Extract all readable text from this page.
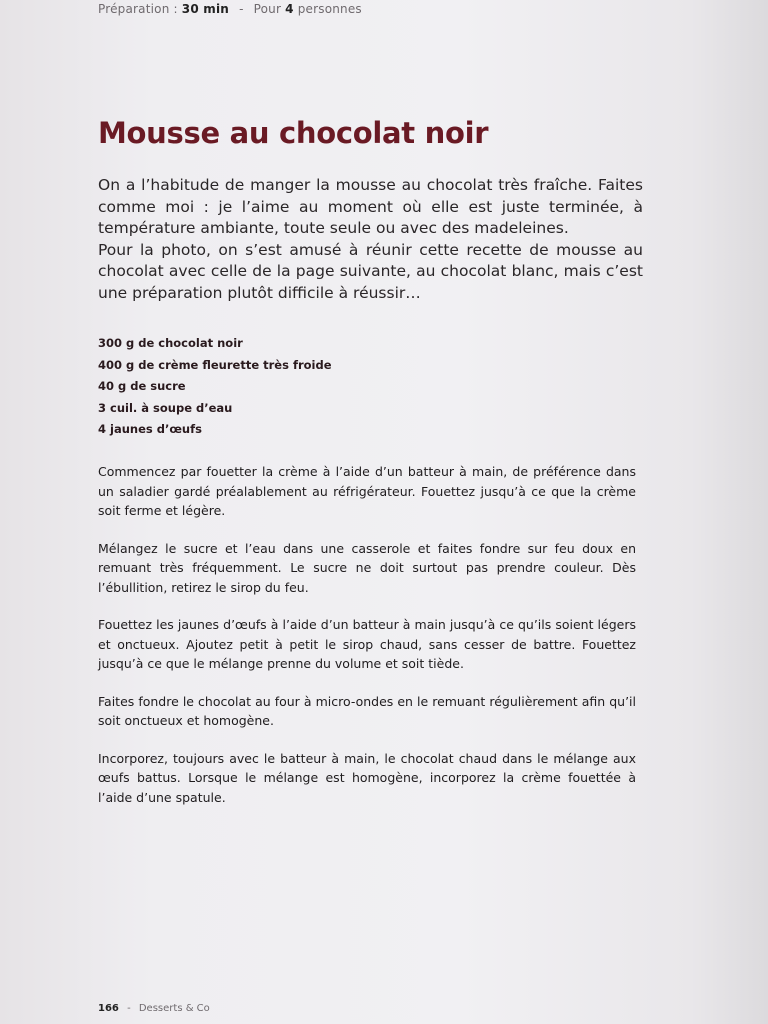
Préparation : 30 min - Pour 4 personnes
Mousse au chocolat noir

On a l’habitude de manger la mousse au chocolat très fraîche. Faites comme moi : je l’aime au moment où elle est juste terminée, à température ambiante, toute seule ou avec des madeleines.

Pour la photo, on s’est amusé à réunir cette recette de mousse au chocolat avec celle de la page suivante, au chocolat blanc, mais c’est une préparation plutôt difficile à réussir…

300 g de chocolat noir
400 g de crème fleurette très froide
40 g de sucre
3 cuil. à soupe d’eau
4 jaunes d’œufs

Commencez par fouetter la crème à l’aide d’un batteur à main, de préférence dans un saladier gardé préalablement au réfrigérateur. Fouettez jusqu’à ce que la crème soit ferme et légère.

Mélangez le sucre et l’eau dans une casserole et faites fondre sur feu doux en remuant très fréquemment. Le sucre ne doit surtout pas prendre couleur. Dès l’ébullition, retirez le sirop du feu.

Fouettez les jaunes d’œufs à l’aide d’un batteur à main jusqu’à ce qu’ils soient légers et onctueux. Ajoutez petit à petit le sirop chaud, sans cesser de battre. Fouettez jusqu’à ce que le mélange prenne du volume et soit tiède.

Faites fondre le chocolat au four à micro-ondes en le remuant régulièrement afin qu’il soit onctueux et homogène.

Incorporez, toujours avec le batteur à main, le chocolat chaud dans le mélange aux œufs battus. Lorsque le mélange est homogène, incorporez la crème fouettée à l’aide d’une spatule.

166 - Desserts & Co
